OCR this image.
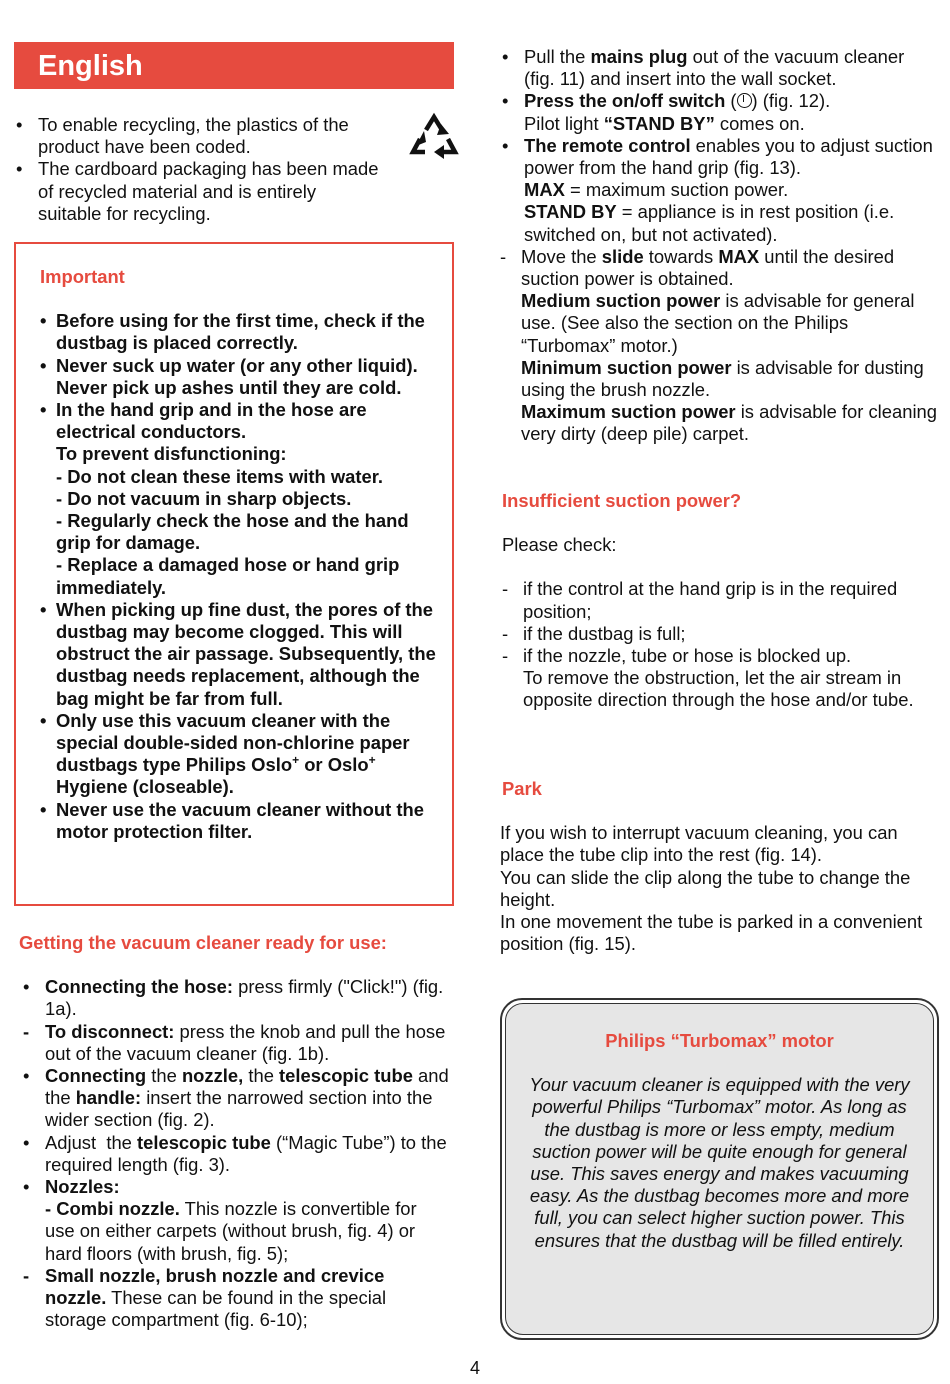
English
• To enable recycling, the plastics of the product have been coded.
• The cardboard packaging has been made of recycled material and is entirely suitable for recycling.
Important
• Before using for the first time, check if the dustbag is placed correctly.
• Never suck up water (or any other liquid). Never pick up ashes until they are cold.
• In the hand grip and in the hose are electrical conductors.
To prevent disfunctioning:
- Do not clean these items with water.
- Do not vacuum in sharp objects.
- Regularly check the hose and the hand grip for damage.
- Replace a damaged hose or hand grip immediately.
• When picking up fine dust, the pores of the dustbag may become clogged. This will obstruct the air passage. Subsequently, the dustbag needs replacement, although the bag might be far from full.
• Only use this vacuum cleaner with the special double-sided non-chlorine paper dustbags type Philips Oslo+ or Oslo+ Hygiene (closeable).
• Never use the vacuum cleaner without the motor protection filter.
Getting the vacuum cleaner ready for use:
• Connecting the hose: press firmly ("Click!") (fig. 1a).
- To disconnect: press the knob and pull the hose out of the vacuum cleaner (fig. 1b).
• Connecting the nozzle, the telescopic tube and the handle: insert the narrowed section into the wider section (fig. 2).
• Adjust  the telescopic tube (“Magic Tube”) to the required length (fig. 3).
• Nozzles:
- Combi nozzle. This nozzle is convertible for use on either carpets (without brush, fig. 4) or hard floors (with brush, fig. 5);
- Small nozzle, brush nozzle and crevice nozzle. These can be found in the special storage compartment (fig. 6-10);
• Pull the mains plug out of the vacuum cleaner (fig. 11) and insert into the wall socket.
• Press the on/off switch ( ) (fig. 12).
Pilot light “STAND BY” comes on.
• The remote control enables you to adjust suction power from the hand grip (fig. 13).
MAX = maximum suction power.
STAND BY = appliance is in rest position (i.e. switched on, but not activated).
- Move the slide towards MAX until the desired suction power is obtained.
Medium suction power is advisable for general use. (See also the section on the Philips “Turbomax” motor.)
Minimum suction power is advisable for dusting using the brush nozzle.
Maximum suction power is advisable for cleaning very dirty (deep pile) carpet.
Insufficient suction power?
Please check:
- if the control at the hand grip is in the required position;
- if the dustbag is full;
- if the nozzle, tube or hose is blocked up.
To remove the obstruction, let the air stream in opposite direction through the hose and/or tube.
Park
If you wish to interrupt vacuum cleaning, you can place the tube clip into the rest (fig. 14).
You can slide the clip along the tube to change the height.
In one movement the tube is parked in a convenient position (fig. 15).
Philips “Turbomax” motor
Your vacuum cleaner is equipped with the very powerful Philips “Turbomax” motor. As long as the dustbag is more or less empty, medium suction power will be quite enough for general use. This saves energy and makes vacuuming easy. As the dustbag becomes more and more full, you can select higher suction power. This ensures that the dustbag will be filled entirely.
4
